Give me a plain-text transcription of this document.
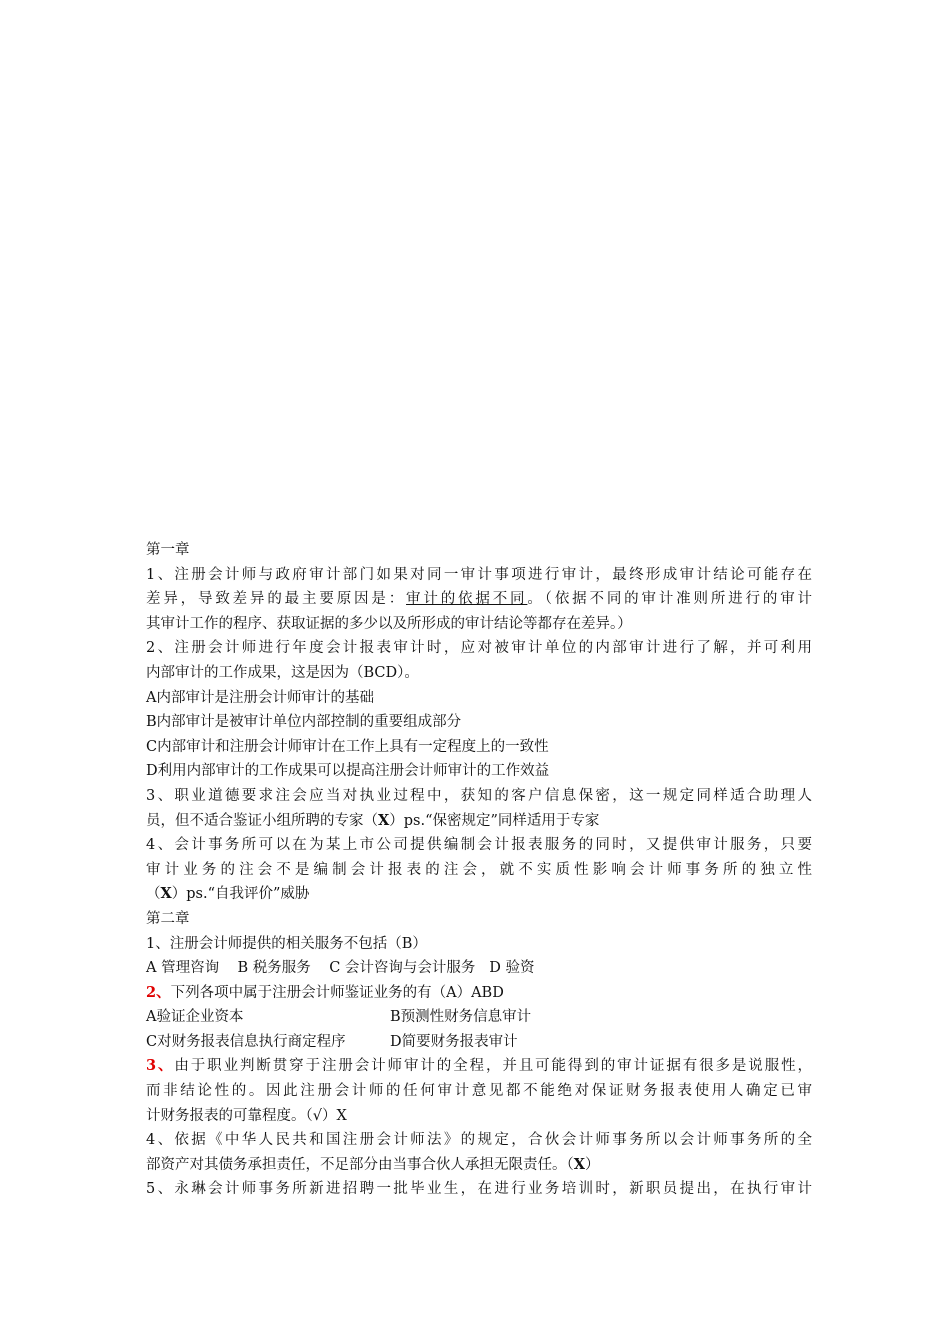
第一章
1、注册会计师与政府审计部门如果对同一审计事项进行审计，最终形成审计结论可能存在
差异，导致差异的最主要原因是：审计的依据不同。（依据不同的审计准则所进行的审计
其审计工作的程序、获取证据的多少以及所形成的审计结论等都存在差异。）
2、注册会计师进行年度会计报表审计时，应对被审计单位的内部审计进行了解，并可利用
内部审计的工作成果，这是因为（BCD）。
A内部审计是注册会计师审计的基础
B内部审计是被审计单位内部控制的重要组成部分
C内部审计和注册会计师审计在工作上具有一定程度上的一致性
D利用内部审计的工作成果可以提高注册会计师审计的工作效益
3、职业道德要求注会应当对执业过程中，获知的客户信息保密，这一规定同样适合助理人
员，但不适合鉴证小组所聘的专家（X）ps.“保密规定”同样适用于专家
4、会计事务所可以在为某上市公司提供编制会计报表服务的同时，又提供审计服务，只要
审计业务的注会不是编制会计报表的注会，就不实质性影响会计师事务所的独立性
（X）ps.“自我评价”威胁
第二章
1、注册会计师提供的相关服务不包括（B）
A 管理咨询    B 税务服务    C 会计咨询与会计服务   D 验资
2、下列各项中属于注册会计师鉴证业务的有（A）ABD
A验证企业资本	B预测性财务信息审计
C对财务报表信息执行商定程序	D简要财务报表审计
3、由于职业判断贯穿于注册会计师审计的全程，并且可能得到的审计证据有很多是说服性，
而非结论性的。因此注册会计师的任何审计意见都不能绝对保证财务报表使用人确定已审
计财务报表的可靠程度。（√）X
4、依据《中华人民共和国注册会计师法》的规定，合伙会计师事务所以会计师事务所的全
部资产对其债务承担责任，不足部分由当事合伙人承担无限责任。（X）
5、永琳会计师事务所新进招聘一批毕业生，在进行业务培训时，新职员提出，在执行审计
